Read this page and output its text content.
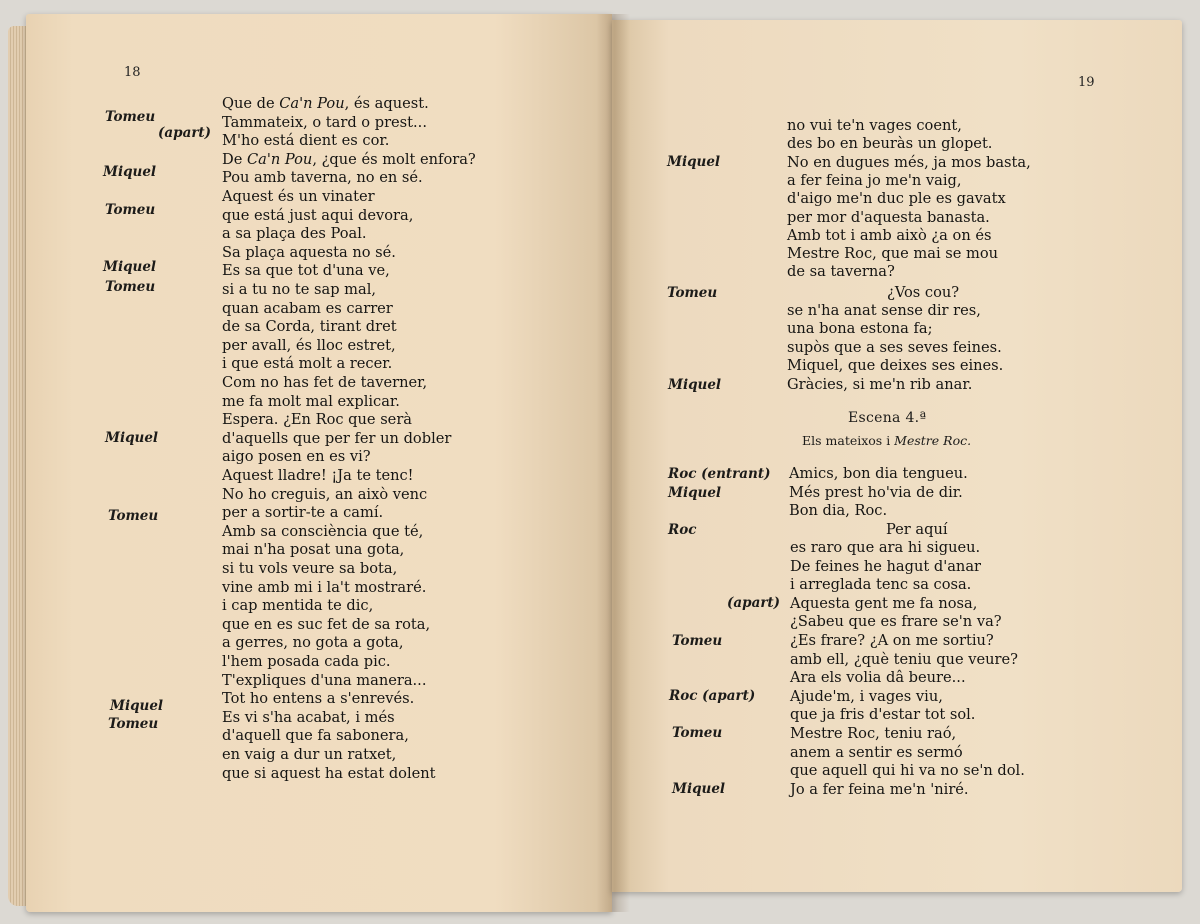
18
19
Tomeu
(apart)
Miquel
Tomeu
Miquel
Tomeu
Miquel
Tomeu
Miquel
Tomeu
Que de Ca'n Pou, és aquest.
Tammateix, o tard o prest...
M'ho está dient es cor.
De Ca'n Pou, ¿que és molt enfora?
Pou amb taverna, no en sé.
Aquest és un vinater
que está just aqui devora,
a sa plaça des Poal.
Sa plaça aquesta no sé.
Es sa que tot d'una ve,
si a tu no te sap mal,
quan acabam es carrer
de sa Corda, tirant dret
per avall, és lloc estret,
i que está molt a recer.
Com no has fet de taverner,
me fa molt mal explicar.
Espera. ¿En Roc que serà
d'aquells que per fer un dobler
aigo posen en es vi?
Aquest lladre! ¡Ja te tenc!
No ho creguis, an això venc
per a sortir-te a camí.
Amb sa consciència que té,
mai n'ha posat una gota,
si tu vols veure sa bota,
vine amb mi i la't mostraré.
i cap mentida te dic,
que en es suc fet de sa rota,
a gerres, no gota a gota,
l'hem posada cada pic.
T'expliques d'una manera...
Tot ho entens a s'enrevés.
Es vi s'ha acabat, i més
d'aquell que fa sabonera,
en vaig a dur un ratxet,
que si aquest ha estat dolent
Miquel
Tomeu
Miquel
Roc (entrant)
Miquel
Roc
(apart)
Tomeu
Roc (apart)
Tomeu
Miquel
no vui te'n vages coent,
des bo en beuràs un glopet.
No en dugues més, ja mos basta,
a fer feina jo me'n vaig,
d'aigo me'n duc ple es gavatx
per mor d'aquesta banasta.
Amb tot i amb això ¿a on és
Mestre Roc, que mai se mou
de sa taverna?
se n'ha anat sense dir res,
una bona estona fa;
supòs que a ses seves feines.
Miquel, que deixes ses eines.
Gràcies, si me'n rib anar.
Amics, bon dia tengueu.
Més prest ho'via de dir.
Bon dia, Roc.
es raro que ara hi sigueu.
De feines he hagut d'anar
i arreglada tenc sa cosa.
Aquesta gent me fa nosa,
¿Sabeu que es frare se'n va?
¿Es frare? ¿A on me sortiu?
amb ell, ¿què teniu que veure?
Ara els volia dâ beure...
Ajude'm, i vages viu,
que ja fris d'estar tot sol.
Mestre Roc, teniu raó,
anem a sentir es sermó
que aquell qui hi va no se'n dol.
Jo a fer feina me'n 'niré.
¿Vos cou?
Escena 4.ª
Els mateixos i Mestre Roc.
Per aquí
